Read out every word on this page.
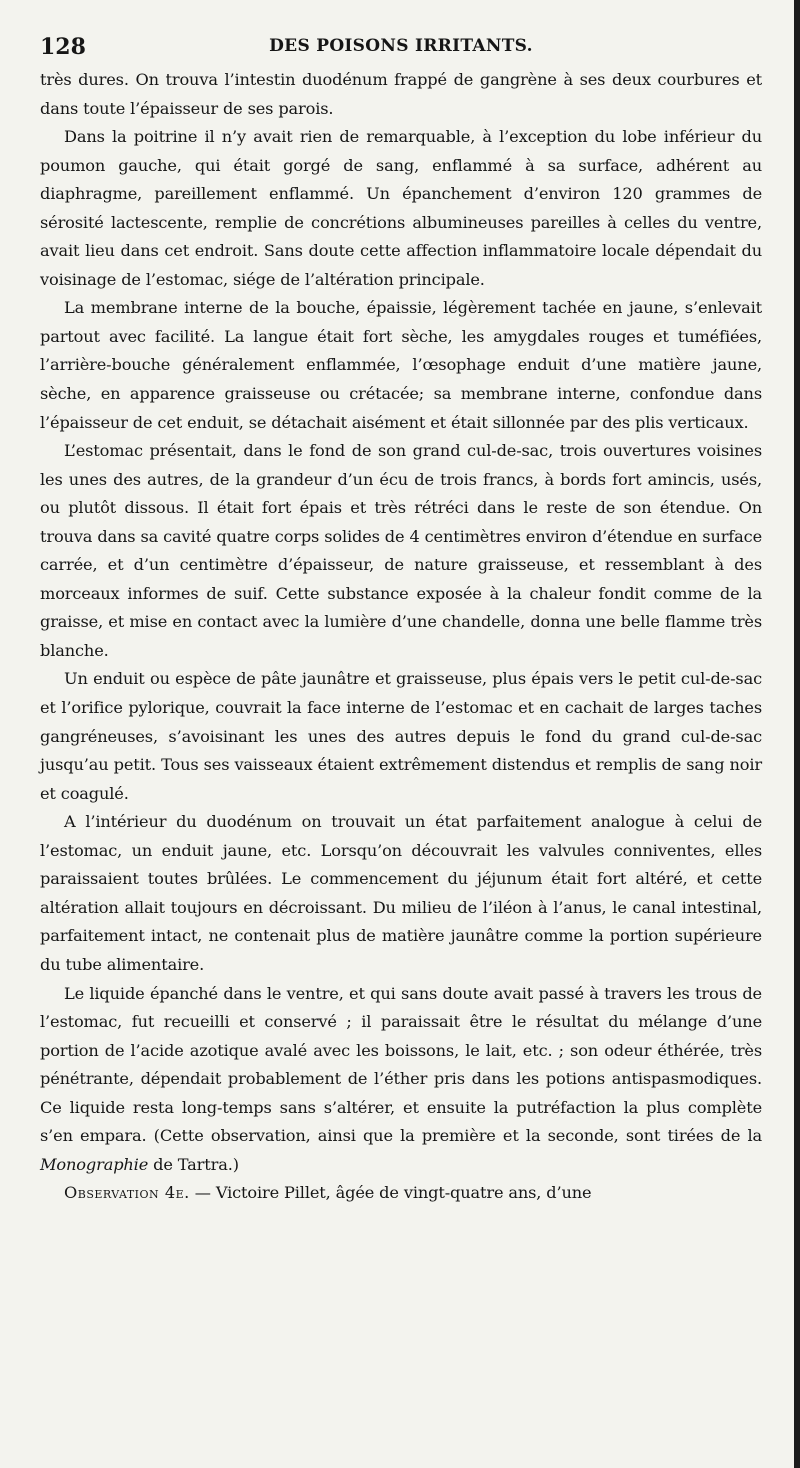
128	DES POISONS IRRITANTS.

très dures. On trouva l’intestin duodénum frappé de gangrène à ses deux courbures et dans toute l’épaisseur de ses parois.

Dans la poitrine il n’y avait rien de remarquable, à l’exception du lobe inférieur du poumon gauche, qui était gorgé de sang, enflammé à sa surface, adhérent au diaphragme, pareillement enflammé. Un épanchement d’environ 120 grammes de sérosité lactescente, remplie de concrétions albumineuses pareilles à celles du ventre, avait lieu dans cet endroit. Sans doute cette affection inflammatoire locale dépendait du voisinage de l’estomac, siége de l’altération principale.

La membrane interne de la bouche, épaissie, légèrement tachée en jaune, s’enlevait partout avec facilité. La langue était fort sèche, les amygdales rouges et tuméfiées, l’arrière-bouche généralement enflammée, l’œsophage enduit d’une matière jaune, sèche, en apparence graisseuse ou crétacée; sa membrane interne, confondue dans l’épaisseur de cet enduit, se détachait aisément et était sillonnée par des plis verticaux.

L’estomac présentait, dans le fond de son grand cul-de-sac, trois ouvertures voisines les unes des autres, de la grandeur d’un écu de trois francs, à bords fort amincis, usés, ou plutôt dissous. Il était fort épais et très rétréci dans le reste de son étendue. On trouva dans sa cavité quatre corps solides de 4 centimètres environ d’étendue en surface carrée, et d’un centimètre d’épaisseur, de nature graisseuse, et ressemblant à des morceaux informes de suif. Cette substance exposée à la chaleur fondit comme de la graisse, et mise en contact avec la lumière d’une chandelle, donna une belle flamme très blanche.

Un enduit ou espèce de pâte jaunâtre et graisseuse, plus épais vers le petit cul-de-sac et l’orifice pylorique, couvrait la face interne de l’estomac et en cachait de larges taches gangréneuses, s’avoisinant les unes des autres depuis le fond du grand cul-de-sac jusqu’au petit. Tous ses vaisseaux étaient extrêmement distendus et remplis de sang noir et coagulé.

A l’intérieur du duodénum on trouvait un état parfaitement analogue à celui de l’estomac, un enduit jaune, etc. Lorsqu’on découvrait les valvules conniventes, elles paraissaient toutes brûlées. Le commencement du jéjunum était fort altéré, et cette altération allait toujours en décroissant. Du milieu de l’iléon à l’anus, le canal intestinal, parfaitement intact, ne contenait plus de matière jaunâtre comme la portion supérieure du tube alimentaire.

Le liquide épanché dans le ventre, et qui sans doute avait passé à travers les trous de l’estomac, fut recueilli et conservé ; il paraissait être le résultat du mélange d’une portion de l’acide azotique avalé avec les boissons, le lait, etc. ; son odeur éthérée, très pénétrante, dépendait probablement de l’éther pris dans les potions antispasmodiques. Ce liquide resta long-temps sans s’altérer, et ensuite la putréfaction la plus complète s’en empara. (Cette observation, ainsi que la première et la seconde, sont tirées de la Monographie de Tartra.)

Observation 4e. — Victoire Pillet, âgée de vingt-quatre ans, d’une
